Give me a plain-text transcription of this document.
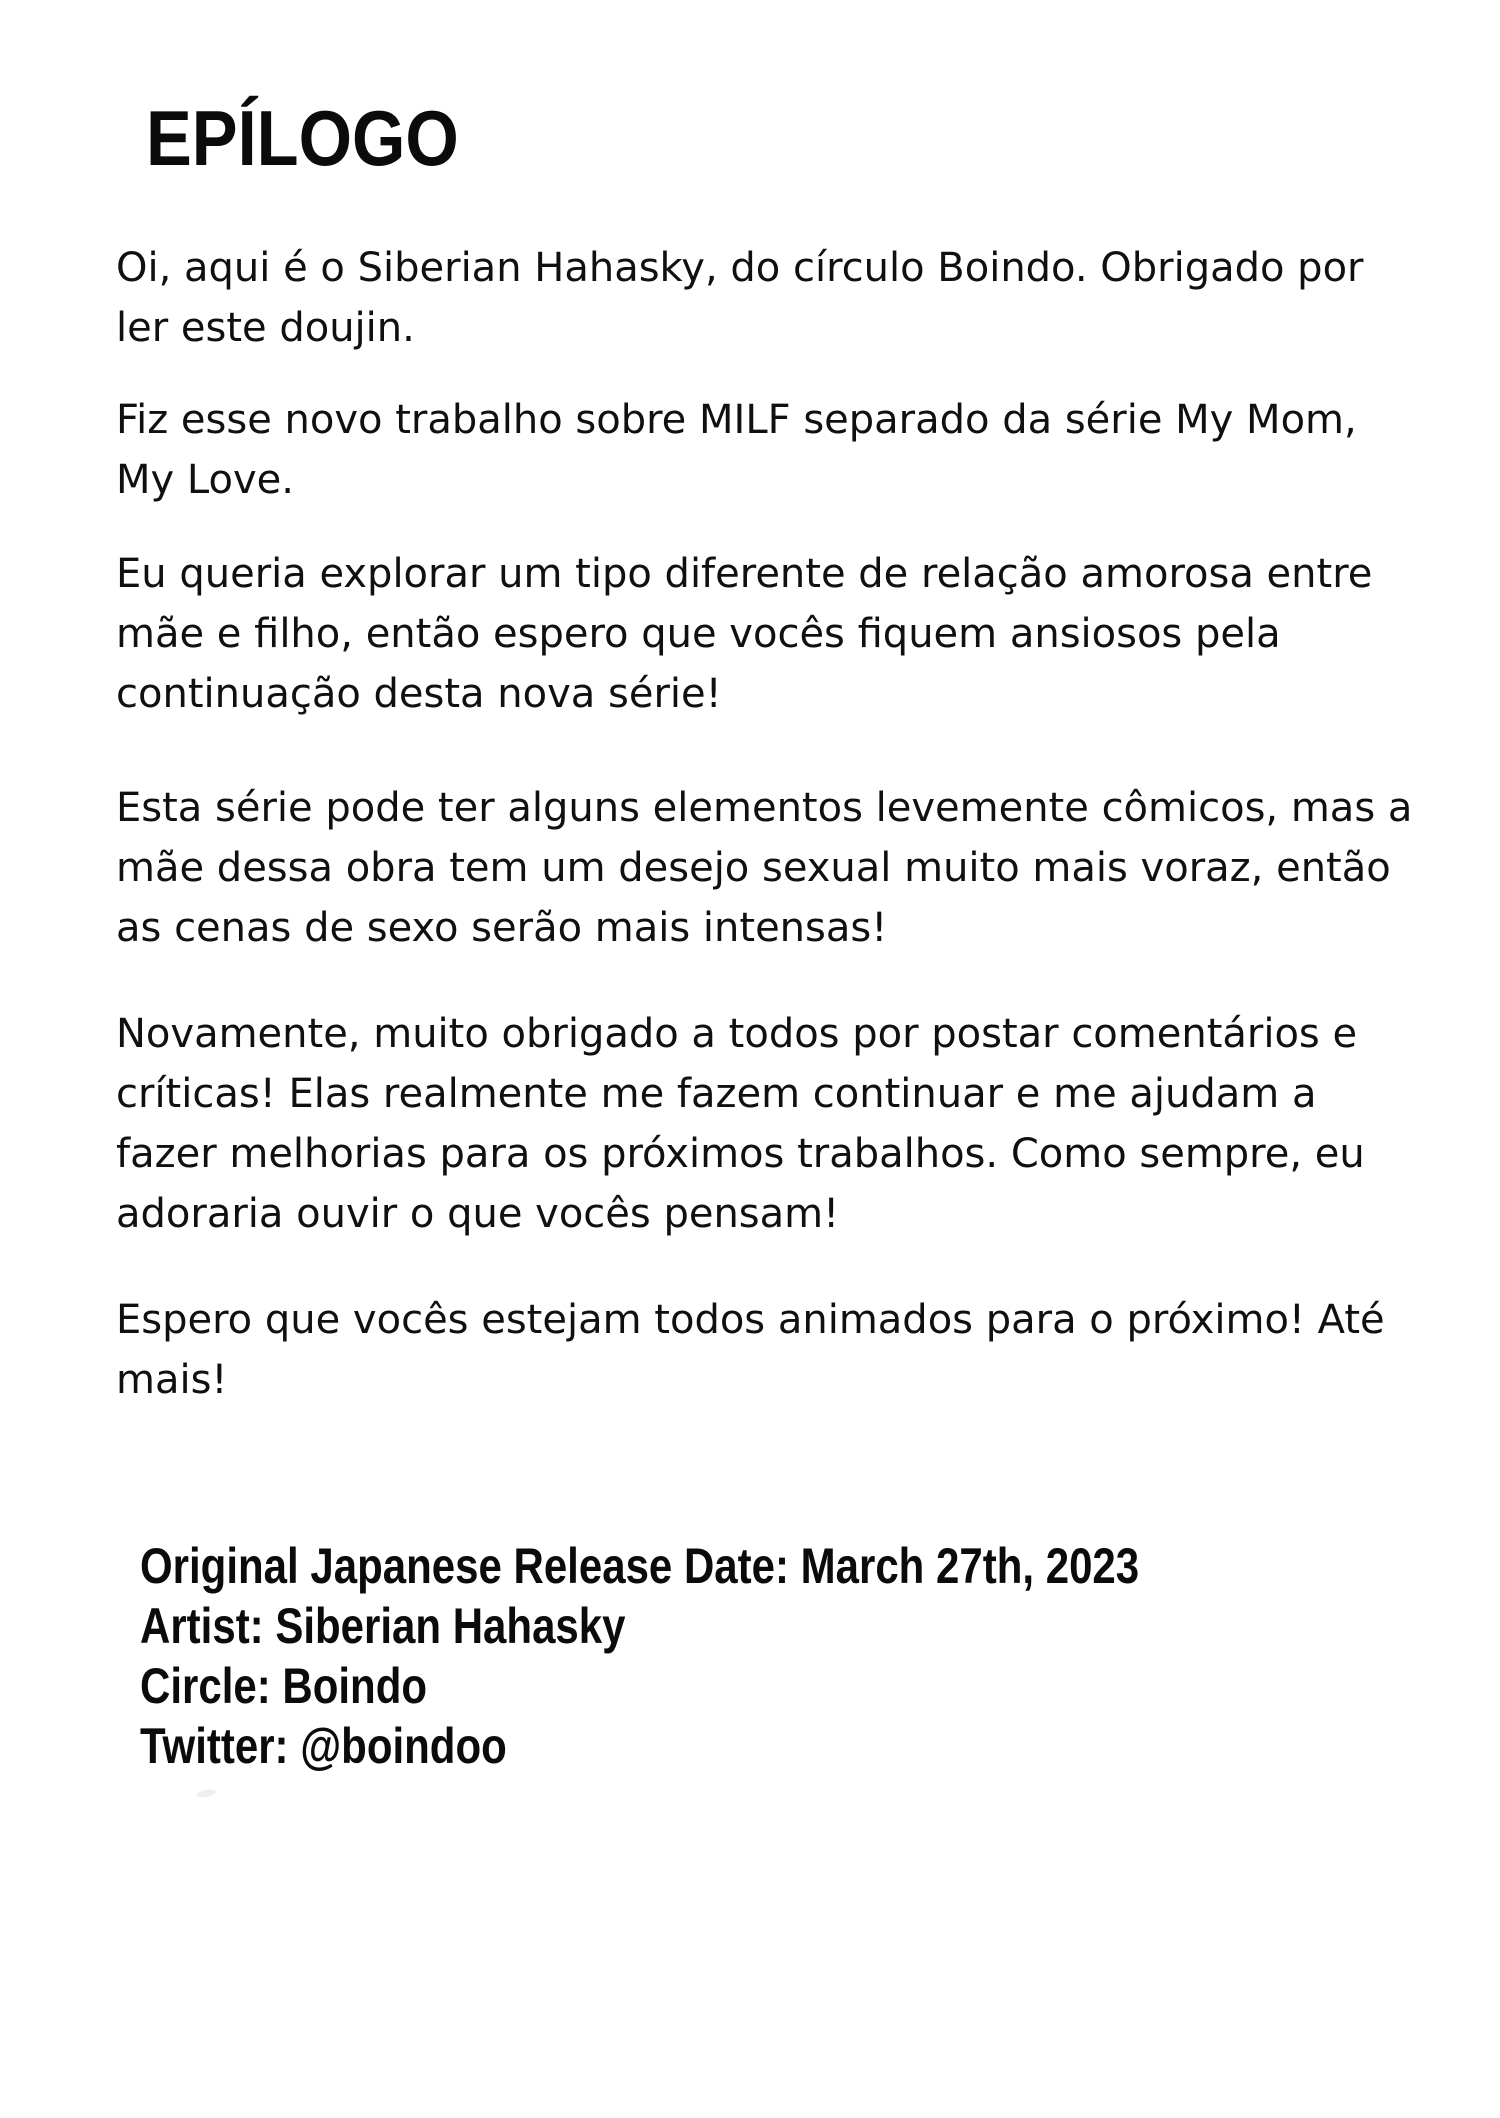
EPÍLOGO

Oi, aqui é o Siberian Hahasky, do círculo Boindo. Obrigado por ler este doujin.

Fiz esse novo trabalho sobre MILF separado da série My Mom, My Love.

Eu queria explorar um tipo diferente de relação amorosa entre mãe e filho, então espero que vocês fiquem ansiosos pela continuação desta nova série!

Esta série pode ter alguns elementos levemente cômicos, mas a mãe dessa obra tem um desejo sexual muito mais voraz, então as cenas de sexo serão mais intensas!

Novamente, muito obrigado a todos por postar comentários e críticas! Elas realmente me fazem continuar e me ajudam a fazer melhorias para os próximos trabalhos. Como sempre, eu adoraria ouvir o que vocês pensam!

Espero que vocês estejam todos animados para o próximo! Até mais!

Original Japanese Release Date: March 27th, 2023

Artist: Siberian Hahasky

Circle: Boindo

Twitter: @boindoo
